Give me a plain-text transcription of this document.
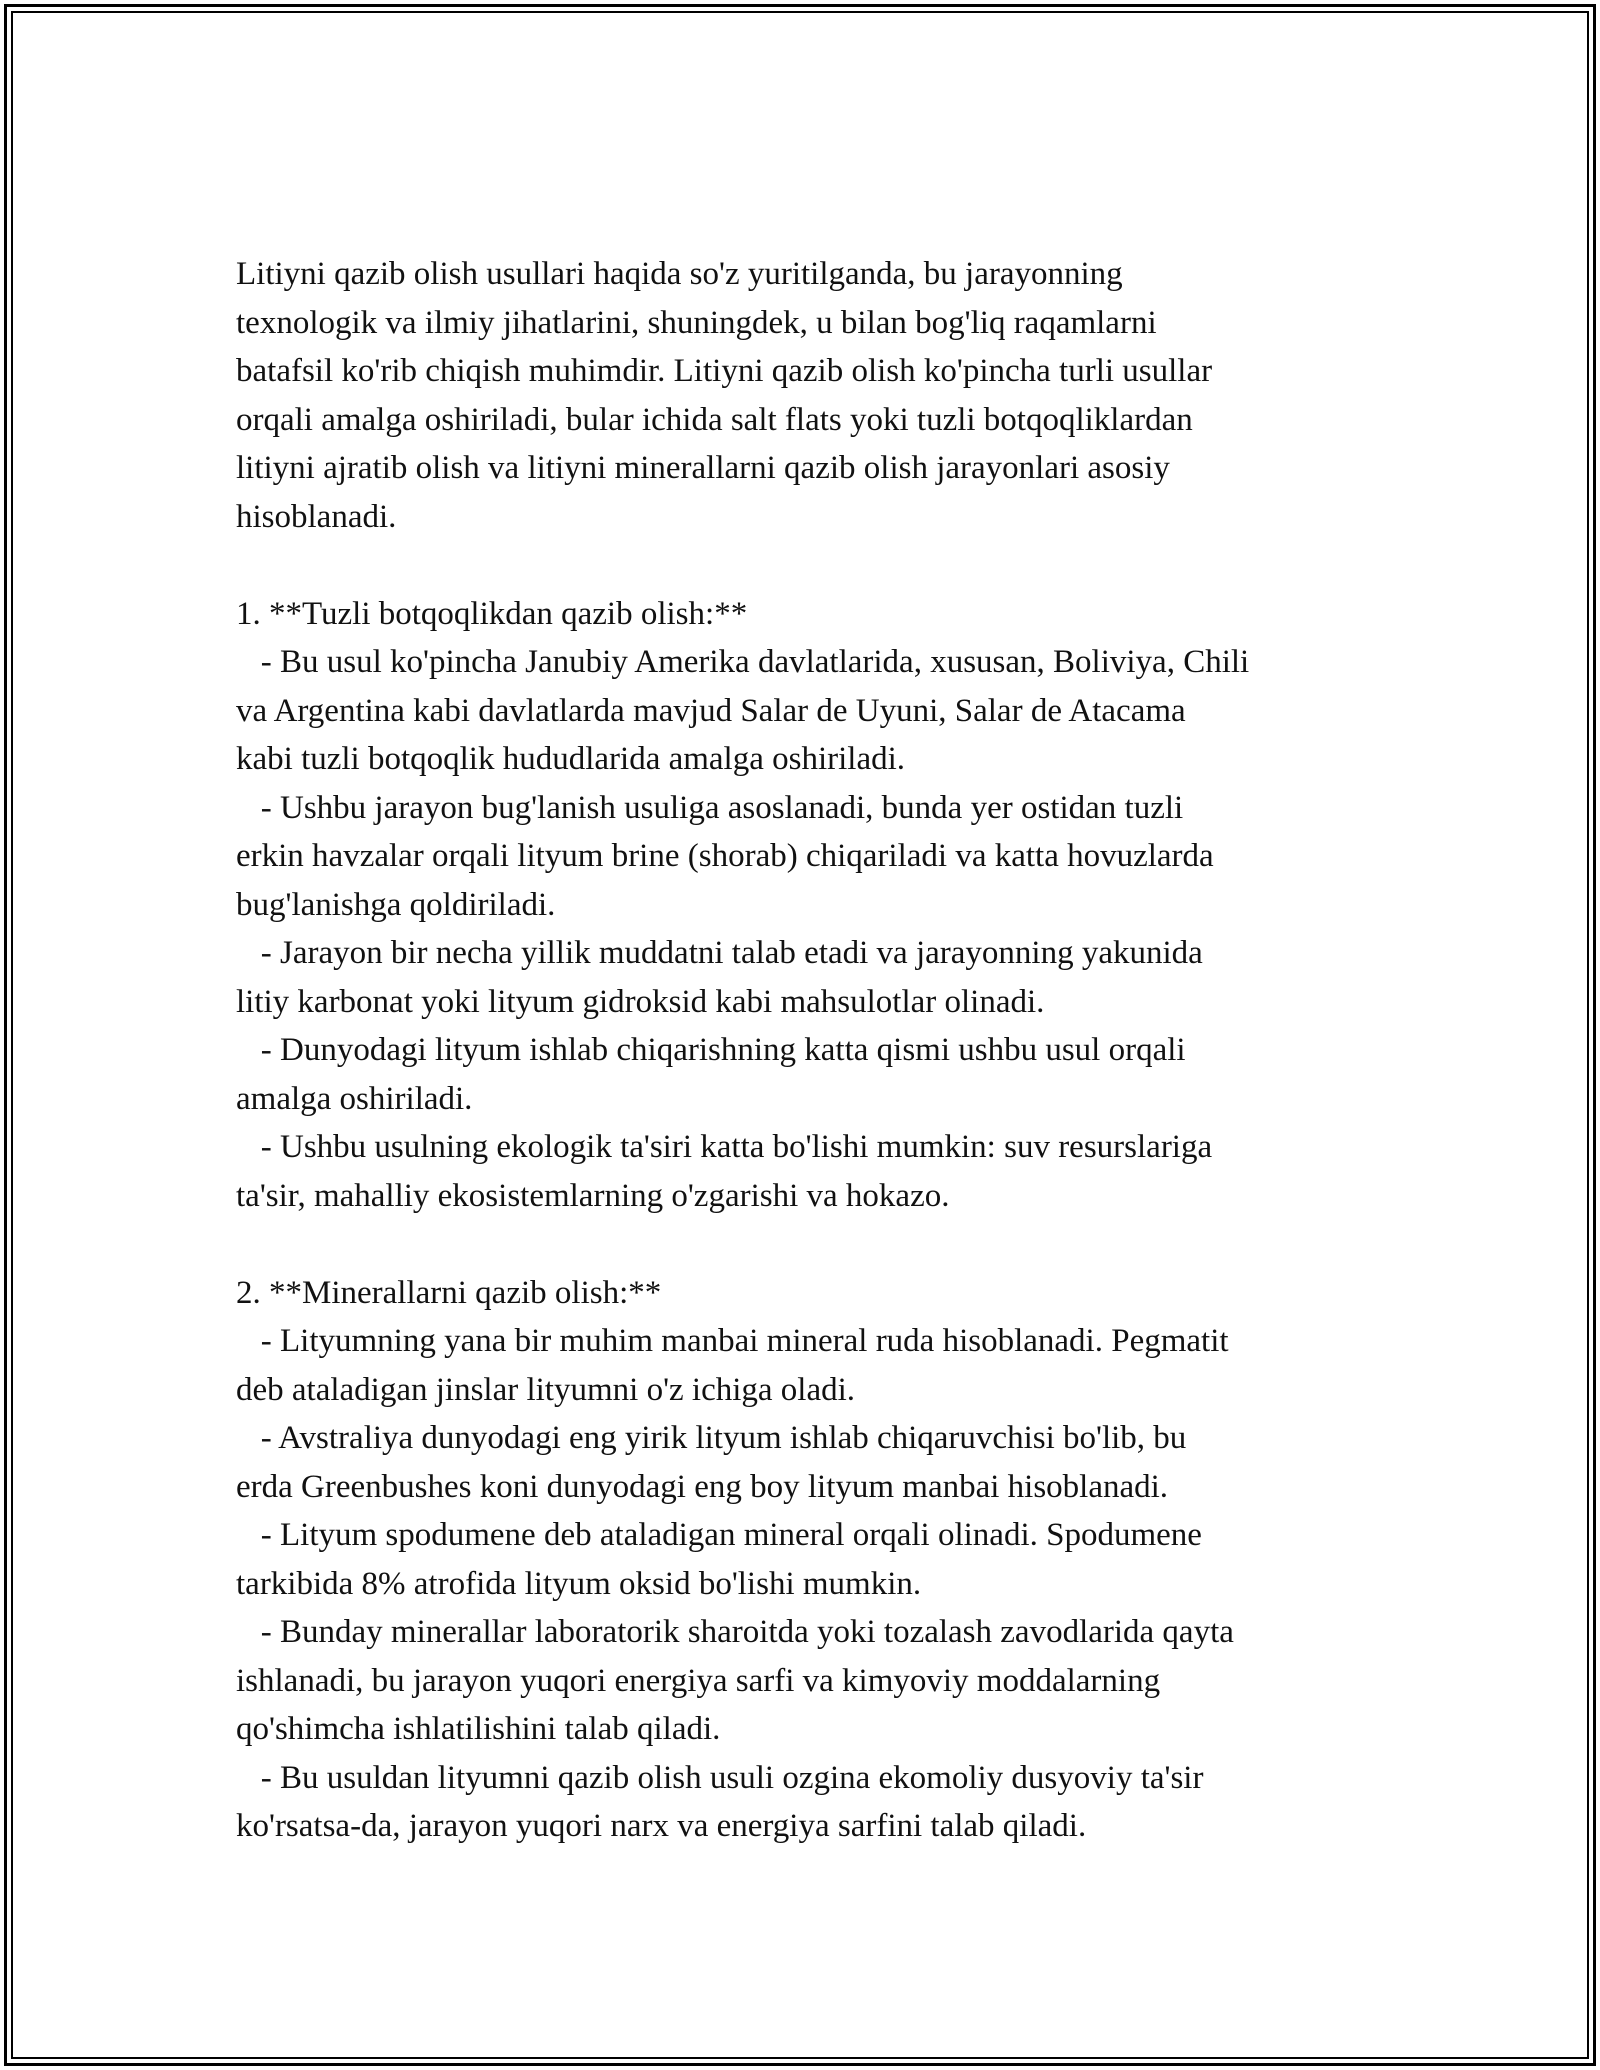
Litiyni qazib olish usullari haqida so'z yuritilganda, bu jarayonning

texnologik va ilmiy jihatlarini, shuningdek, u bilan bog'liq raqamlarni

batafsil ko'rib chiqish muhimdir. Litiyni qazib olish ko'pincha turli usullar

orqali amalga oshiriladi, bular ichida salt flats yoki tuzli botqoqliklardan

litiyni ajratib olish va litiyni minerallarni qazib olish jarayonlari asosiy

hisoblanadi.

1. **Tuzli botqoqlikdan qazib olish:**

- Bu usul ko'pincha Janubiy Amerika davlatlarida, xususan, Boliviya, Chili

va Argentina kabi davlatlarda mavjud Salar de Uyuni, Salar de Atacama

kabi tuzli botqoqlik hududlarida amalga oshiriladi.

- Ushbu jarayon bug'lanish usuliga asoslanadi, bunda yer ostidan tuzli

erkin havzalar orqali lityum brine (shorab) chiqariladi va katta hovuzlarda

bug'lanishga qoldiriladi.

- Jarayon bir necha yillik muddatni talab etadi va jarayonning yakunida

litiy karbonat yoki lityum gidroksid kabi mahsulotlar olinadi.

- Dunyodagi lityum ishlab chiqarishning katta qismi ushbu usul orqali

amalga oshiriladi.

- Ushbu usulning ekologik ta'siri katta bo'lishi mumkin: suv resurslariga

ta'sir, mahalliy ekosistemlarning o'zgarishi va hokazo.

2. **Minerallarni qazib olish:**

- Lityumning yana bir muhim manbai mineral ruda hisoblanadi. Pegmatit

deb ataladigan jinslar lityumni o'z ichiga oladi.

- Avstraliya dunyodagi eng yirik lityum ishlab chiqaruvchisi bo'lib, bu

erda Greenbushes koni dunyodagi eng boy lityum manbai hisoblanadi.

- Lityum spodumene deb ataladigan mineral orqali olinadi. Spodumene

tarkibida 8% atrofida lityum oksid bo'lishi mumkin.

- Bunday minerallar laboratorik sharoitda yoki tozalash zavodlarida qayta

ishlanadi, bu jarayon yuqori energiya sarfi va kimyoviy moddalarning

qo'shimcha ishlatilishini talab qiladi.

- Bu usuldan lityumni qazib olish usuli ozgina ekomoliy dusyoviy ta'sir

ko'rsatsa-da, jarayon yuqori narx va energiya sarfini talab qiladi.
